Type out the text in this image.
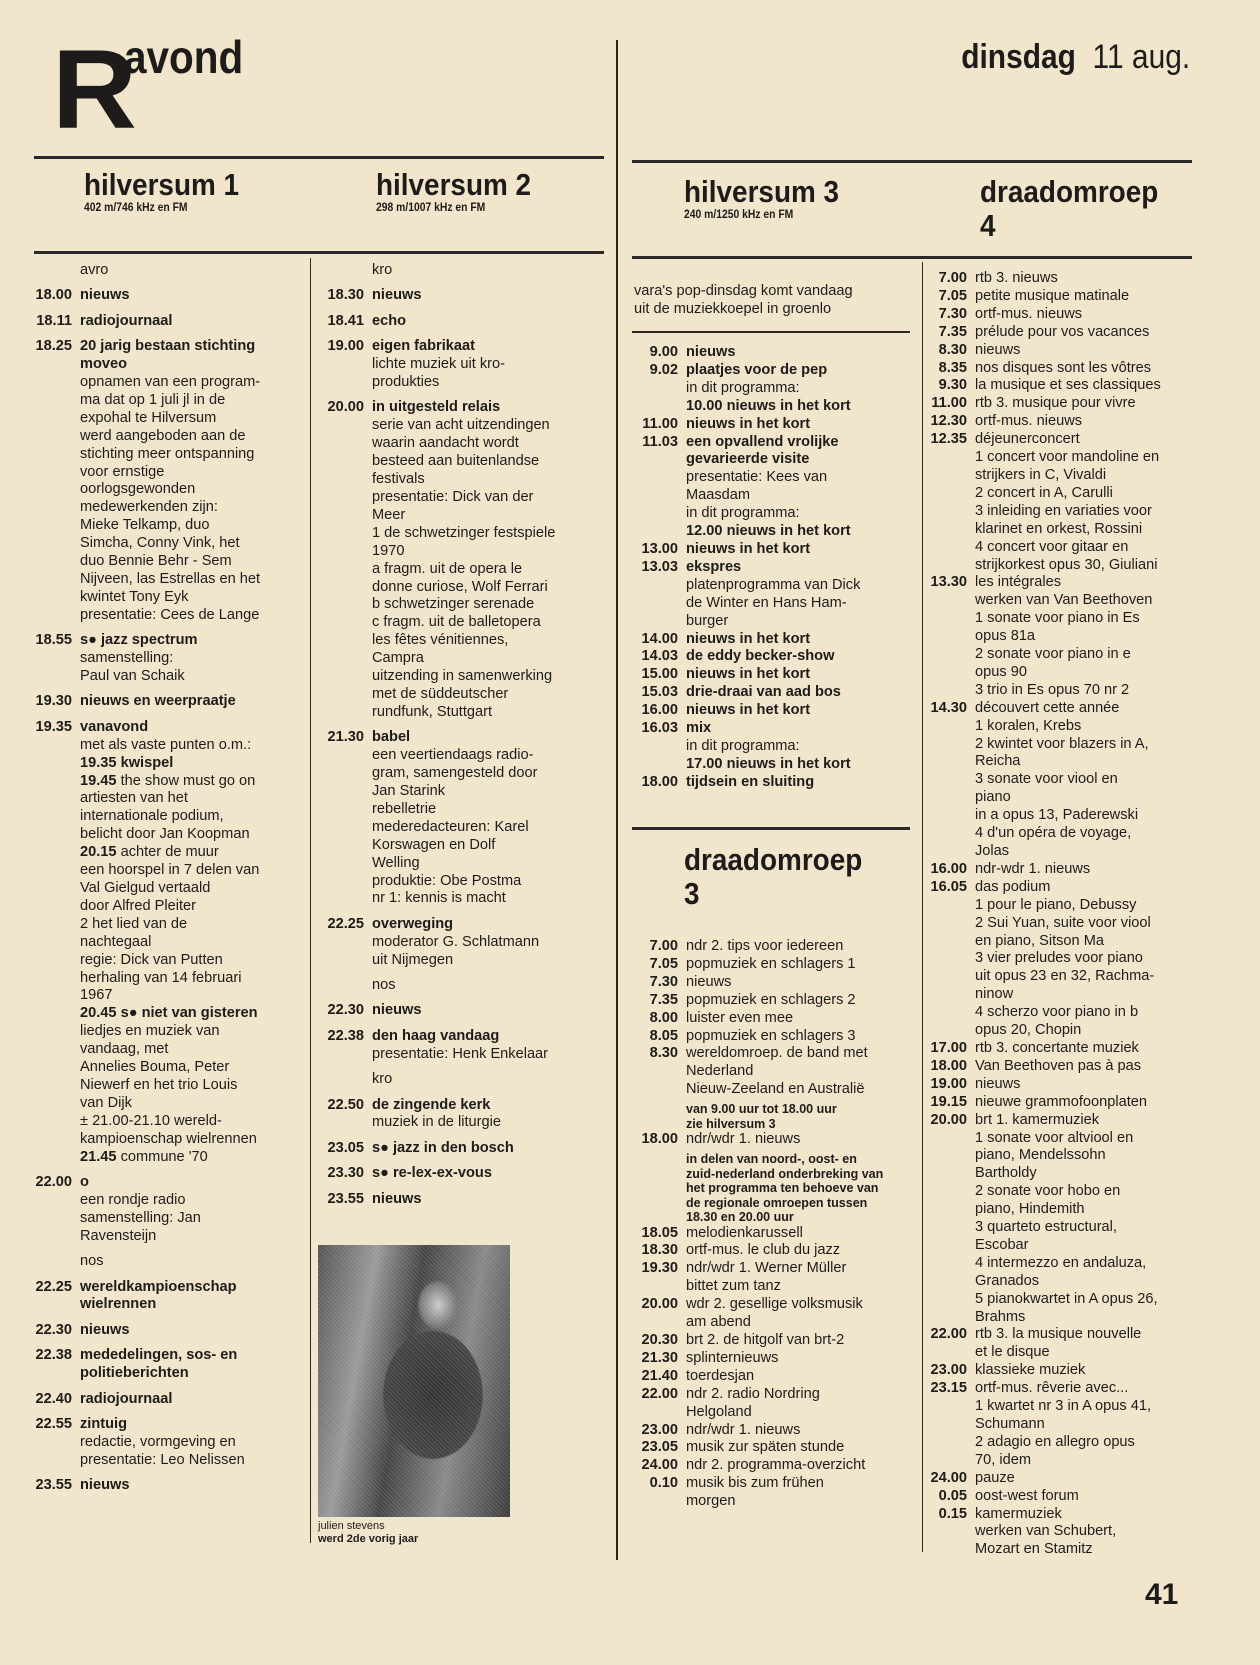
R
avond	dinsdag 11 aug.
hilversum 1
402 m/746 kHz en FM
hilversum 2
298 m/1007 kHz en FM	hilversum 3
240 m/1250 kHz en FM
draadomroep
4
draadomroep
3
vara's pop-dinsdag komt vandaag
uit de muziekkoepel in groenlo
avro
18.00 nieuws
18.11 radiojournaal
18.25 20 jarig bestaan stichting
moveo
opnamen van een program-
ma dat op 1 juli jl in de
expohal te Hilversum
werd aangeboden aan de
stichting meer ontspanning
voor ernstige
oorlogsgewonden
medewerkenden zijn:
Mieke Telkamp, duo
Simcha, Conny Vink, het
duo Bennie Behr - Sem
Nijveen, las Estrellas en het
kwintet Tony Eyk
presentatie: Cees de Lange
18.55 s● jazz spectrum
samenstelling:
Paul van Schaik
19.30 nieuws en weerpraatje
19.35 vanavond
met als vaste punten o.m.:
19.35 kwispel
19.45 the show must go on
artiesten van het
internationale podium,
belicht door Jan Koopman
20.15 achter de muur
een hoorspel in 7 delen van
Val Gielgud vertaald
door Alfred Pleiter
2 het lied van de
nachtegaal
regie: Dick van Putten
herhaling van 14 februari
1967
20.45 s● niet van gisteren
liedjes en muziek van
vandaag, met
Annelies Bouma, Peter
Niewerf en het trio Louis
van Dijk
± 21.00-21.10 wereld-
kampioenschap wielrennen
21.45 commune '70
22.00 o
een rondje radio
samenstelling: Jan
Ravensteijn
nos
22.25 wereldkampioenschap
wielrennen
22.30 nieuws
22.38 mededelingen, sos- en
politieberichten
22.40 radiojournaal
22.55 zintuig
redactie, vormgeving en
presentatie: Leo Nelissen
23.55 nieuws
kro
18.30 nieuws
18.41 echo
19.00 eigen fabrikaat
lichte muziek uit kro-
produkties
20.00 in uitgesteld relais
serie van acht uitzendingen
waarin aandacht wordt
besteed aan buitenlandse
festivals
presentatie: Dick van der
Meer
1 de schwetzinger festspiele
1970
a fragm. uit de opera le
donne curiose, Wolf Ferrari
b schwetzinger serenade
c fragm. uit de balletopera
les fêtes vénitiennes,
Campra
uitzending in samenwerking
met de süddeutscher
rundfunk, Stuttgart
21.30 babel
een veertiendaags radio-
gram, samengesteld door
Jan Starink
rebelletrie
mederedacteuren: Karel
Korswagen en Dolf
Welling
produktie: Obe Postma
nr 1: kennis is macht
22.25 overweging
moderator G. Schlatmann
uit Nijmegen
nos
22.30 nieuws
22.38 den haag vandaag
presentatie: Henk Enkelaar
kro
22.50 de zingende kerk
muziek in de liturgie
23.05 s● jazz in den bosch
23.30 s● re-lex-ex-vous
23.55 nieuws
9.00 nieuws
9.02 plaatjes voor de pep
in dit programma:
10.00 nieuws in het kort
11.00 nieuws in het kort
11.03 een opvallend vrolijke
gevarieerde visite
presentatie: Kees van
Maasdam
in dit programma:
12.00 nieuws in het kort
13.00 nieuws in het kort
13.03 ekspres
platenprogramma van Dick
de Winter en Hans Ham-
burger
14.00 nieuws in het kort
14.03 de eddy becker-show
15.00 nieuws in het kort
15.03 drie-draai van aad bos
16.00 nieuws in het kort
16.03 mix
in dit programma:
17.00 nieuws in het kort
18.00 tijdsein en sluiting
7.00 ndr 2. tips voor iedereen
7.05 popmuziek en schlagers 1
7.30 nieuws
7.35 popmuziek en schlagers 2
8.00 luister even mee
8.05 popmuziek en schlagers 3
8.30 wereldomroep. de band met
Nederland
Nieuw-Zeeland en Australië
van 9.00 uur tot 18.00 uur
zie hilversum 3
18.00 ndr/wdr 1. nieuws
in delen van noord-, oost- en
zuid-nederland onderbreking van
het programma ten behoeve van
de regionale omroepen tussen
18.30 en 20.00 uur
18.05 melodienkarussell
18.30 ortf-mus. le club du jazz
19.30 ndr/wdr 1. Werner Müller
bittet zum tanz
20.00 wdr 2. gesellige volksmusik
am abend
20.30 brt 2. de hitgolf van brt-2
21.30 splinternieuws
21.40 toerdesjan
22.00 ndr 2. radio Nordring
Helgoland
23.00 ndr/wdr 1. nieuws
23.05 musik zur späten stunde
24.00 ndr 2. programma-overzicht
0.10 musik bis zum frühen
morgen
7.00 rtb 3. nieuws
7.05 petite musique matinale
7.30 ortf-mus. nieuws
7.35 prélude pour vos vacances
8.30 nieuws
8.35 nos disques sont les vôtres
9.30 la musique et ses classiques
11.00 rtb 3. musique pour vivre
12.30 ortf-mus. nieuws
12.35 déjeunerconcert
1 concert voor mandoline en
strijkers in C, Vivaldi
2 concert in A, Carulli
3 inleiding en variaties voor
klarinet en orkest, Rossini
4 concert voor gitaar en
strijkorkest opus 30, Giuliani
13.30 les intégrales
werken van Van Beethoven
1 sonate voor piano in Es
opus 81a
2 sonate voor piano in e
opus 90
3 trio in Es opus 70 nr 2
14.30 découvert cette année
1 koralen, Krebs
2 kwintet voor blazers in A,
Reicha
3 sonate voor viool en
piano
in a opus 13, Paderewski
4 d'un opéra de voyage,
Jolas
16.00 ndr-wdr 1. nieuws
16.05 das podium
1 pour le piano, Debussy
2 Sui Yuan, suite voor viool
en piano, Sitson Ma
3 vier preludes voor piano
uit opus 23 en 32, Rachma-
ninow
4 scherzo voor piano in b
opus 20, Chopin
17.00 rtb 3. concertante muziek
18.00 Van Beethoven pas à pas
19.00 nieuws
19.15 nieuwe grammofoonplaten
20.00 brt 1. kamermuziek
1 sonate voor altviool en
piano, Mendelssohn
Bartholdy
2 sonate voor hobo en
piano, Hindemith
3 quarteto estructural,
Escobar
4 intermezzo en andaluza,
Granados
5 pianokwartet in A opus 26,
Brahms
22.00 rtb 3. la musique nouvelle
et le disque
23.00 klassieke muziek
23.15 ortf-mus. rêverie avec...
1 kwartet nr 3 in A opus 41,
Schumann
2 adagio en allegro opus
70, idem
24.00 pauze
0.05 oost-west forum
0.15 kamermuziek
werken van Schubert,
Mozart en Stamitz
julien stevens
werd 2de vorig jaar
41
